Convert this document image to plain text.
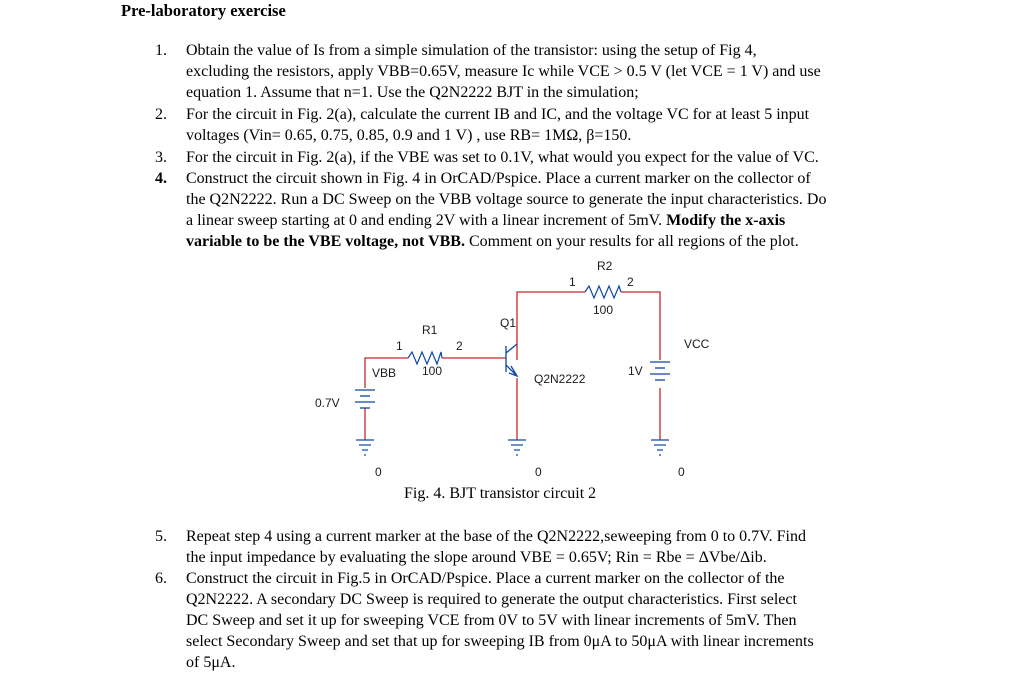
Pre-laboratory exercise
1. Obtain the value of Is from a simple simulation of the transistor: using the setup of Fig 4,
excluding the resistors, apply VBB=0.65V, measure Ic while VCE > 0.5 V (let VCE = 1 V) and use
equation 1. Assume that n=1. Use the Q2N2222 BJT in the simulation;
2. For the circuit in Fig. 2(a), calculate the current IB and IC, and the voltage VC for at least 5 input
voltages (Vin= 0.65, 0.75, 0.85, 0.9 and 1 V) , use RB= 1MΩ, β=150.
3. For the circuit in Fig. 2(a), if the VBE was set to 0.1V, what would you expect for the value of VC.
4. Construct the circuit shown in Fig. 4 in OrCAD/Pspice. Place a current marker on the collector of
the Q2N2222. Run a DC Sweep on the VBB voltage source to generate the input characteristics. Do
a linear sweep starting at 0 and ending 2V with a linear increment of 5mV. Modify the x-axis
variable to be the VBE voltage, not VBB. Comment on your results for all regions of the plot.
R2
1	2
100
Q1
Q2N2222
R1
1	2
100
VBB
0.7V
VCC
1V
0	0	0
Fig. 4. BJT transistor circuit 2
5. Repeat step 4 using a current marker at the base of the Q2N2222,seweeping from 0 to 0.7V. Find
the input impedance by evaluating the slope around VBE = 0.65V; Rin = Rbe = ΔVbe/Δib.
6. Construct the circuit in Fig.5 in OrCAD/Pspice. Place a current marker on the collector of the
Q2N2222. A secondary DC Sweep is required to generate the output characteristics. First select
DC Sweep and set it up for sweeping VCE from 0V to 5V with linear increments of 5mV. Then
select Secondary Sweep and set that up for sweeping IB from 0μA to 50μA with linear increments
of 5μA.
